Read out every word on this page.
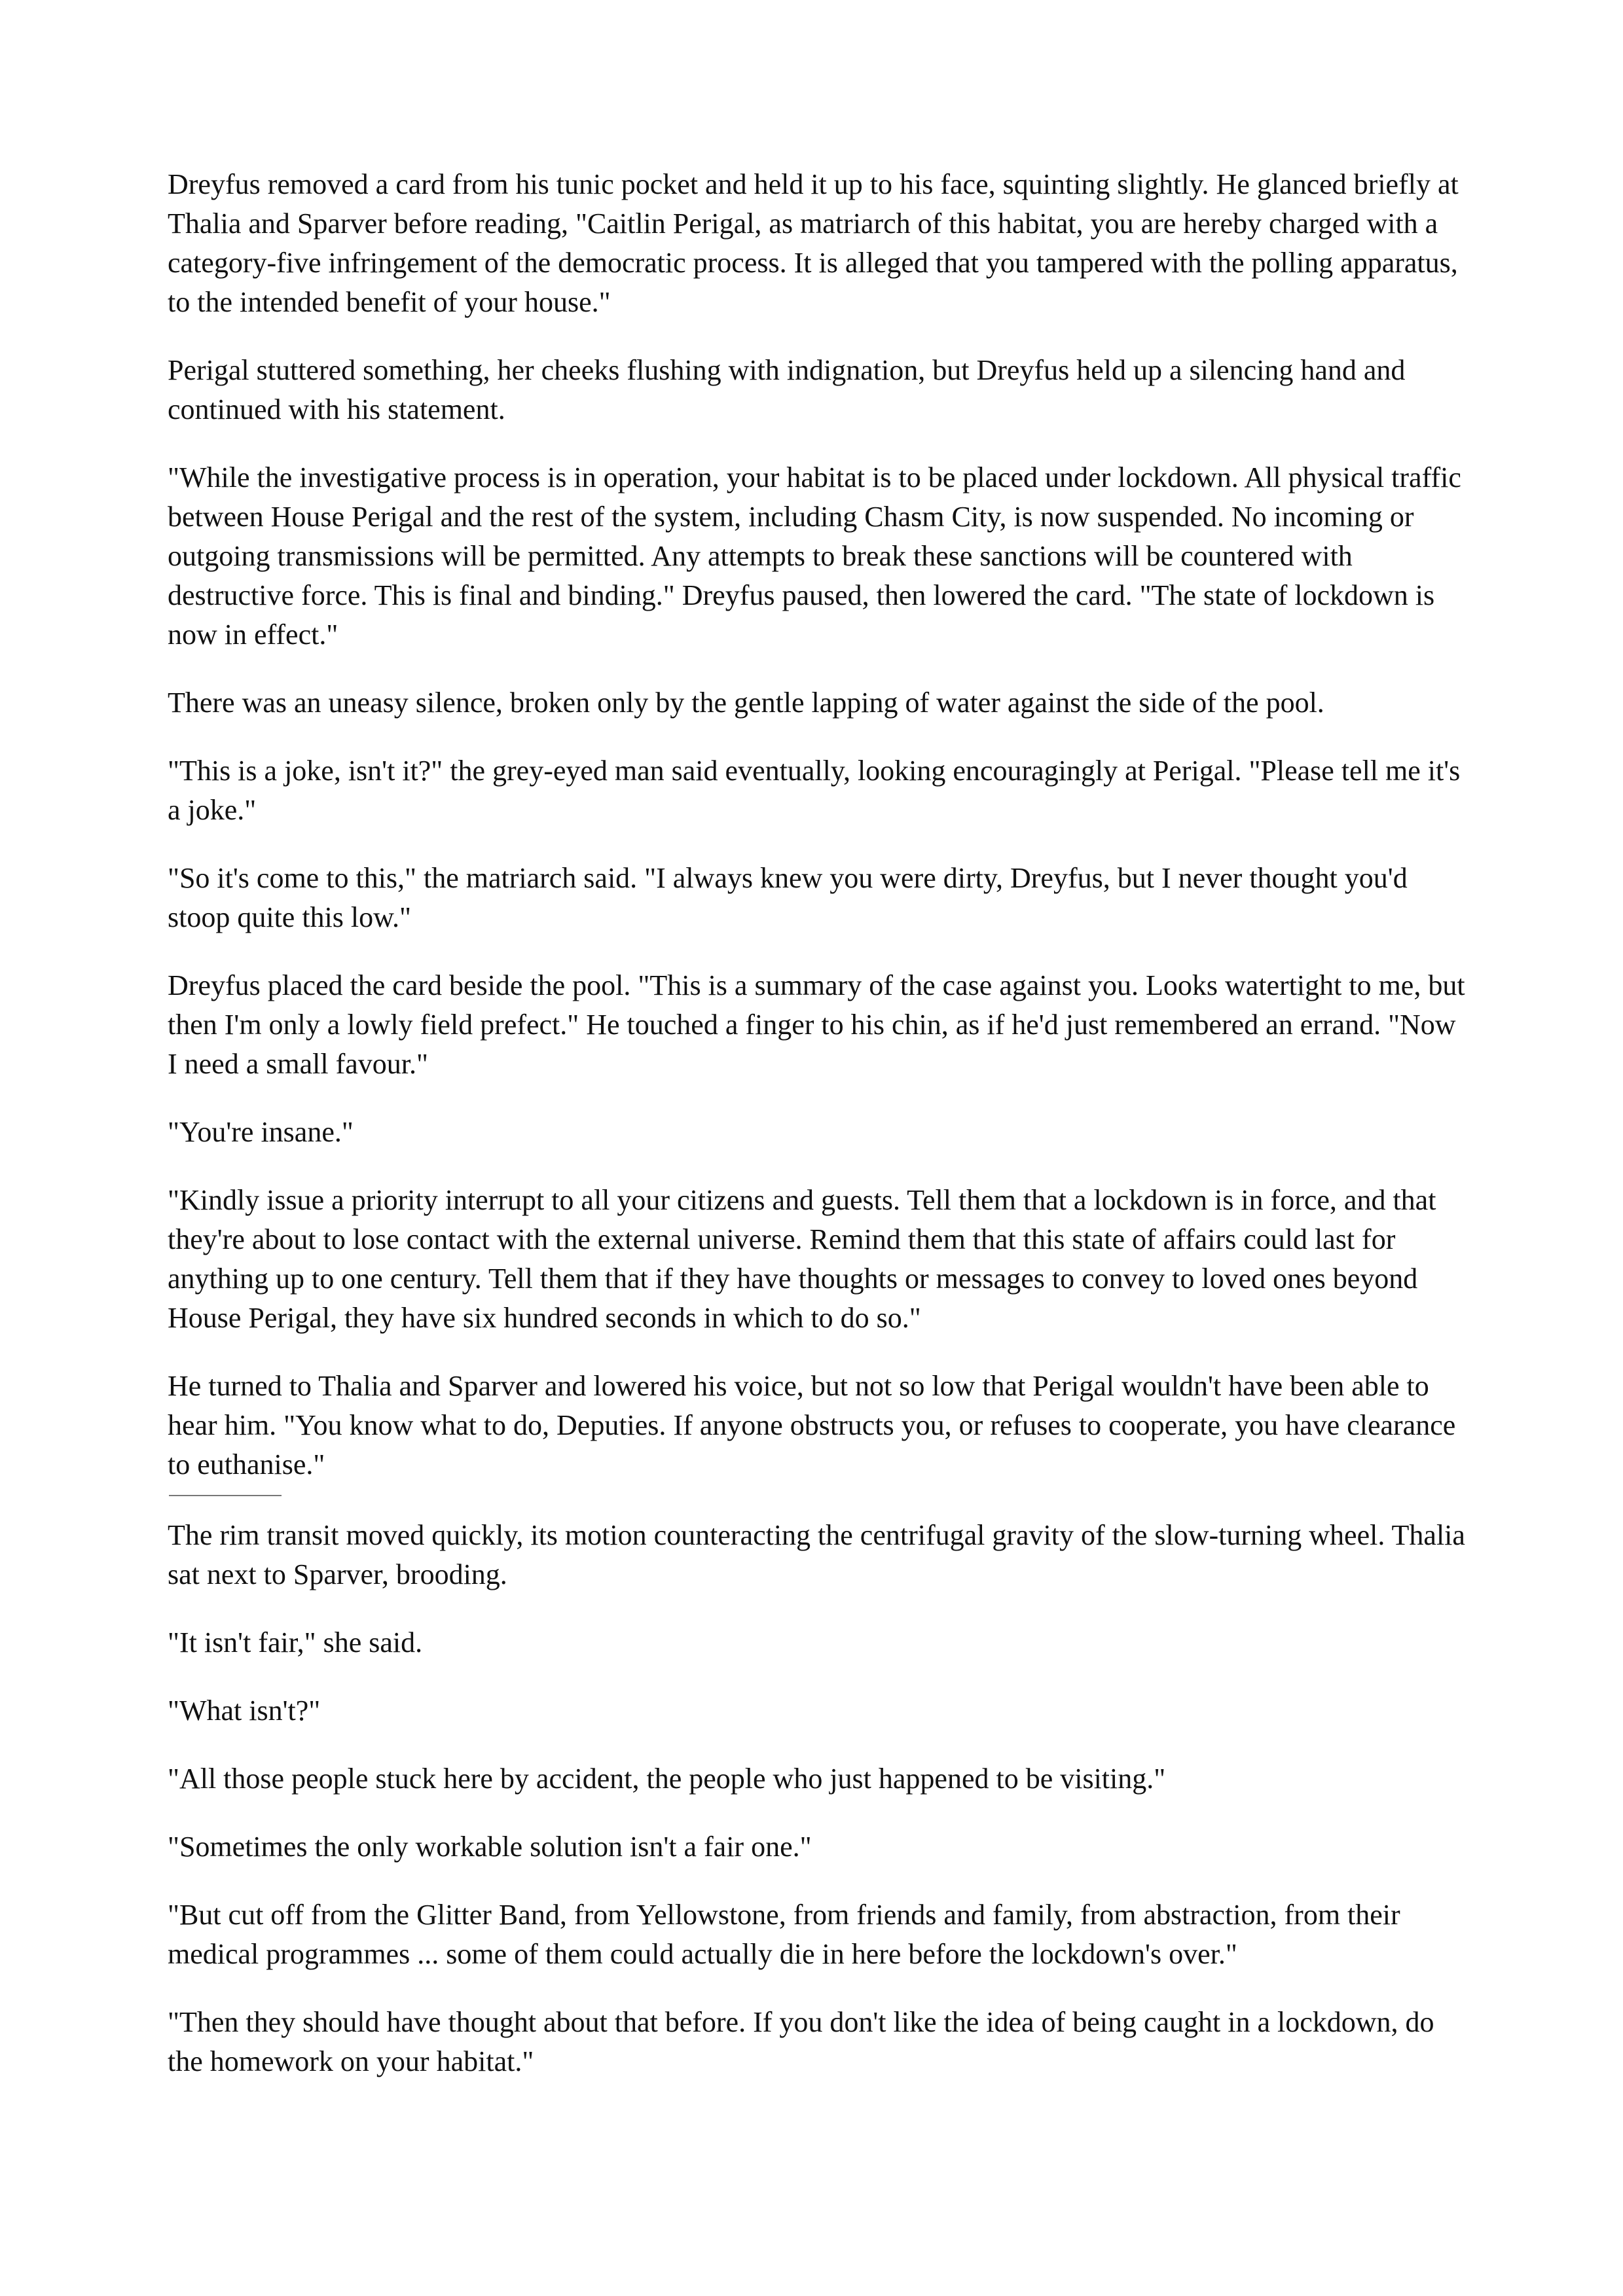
Dreyfus removed a card from his tunic pocket and held it up to his face, squinting slightly. He glanced briefly at Thalia and Sparver before reading, "Caitlin Perigal, as matriarch of this habitat, you are hereby charged with a category-five infringement of the democratic process. It is alleged that you tampered with the polling apparatus, to the intended benefit of your house."

Perigal stuttered something, her cheeks flushing with indignation, but Dreyfus held up a silencing hand and continued with his statement.

"While the investigative process is in operation, your habitat is to be placed under lockdown. All physical traffic between House Perigal and the rest of the system, including Chasm City, is now suspended. No incoming or outgoing transmissions will be permitted. Any attempts to break these sanctions will be countered with destructive force. This is final and binding." Dreyfus paused, then lowered the card. "The state of lockdown is now in effect."

There was an uneasy silence, broken only by the gentle lapping of water against the side of the pool.

"This is a joke, isn't it?" the grey-eyed man said eventually, looking encouragingly at Perigal. "Please tell me it's a joke."

"So it's come to this," the matriarch said. "I always knew you were dirty, Dreyfus, but I never thought you'd stoop quite this low."

Dreyfus placed the card beside the pool. "This is a summary of the case against you. Looks watertight to me, but then I'm only a lowly field prefect." He touched a finger to his chin, as if he'd just remembered an errand. "Now I need a small favour."

"You're insane."

"Kindly issue a priority interrupt to all your citizens and guests. Tell them that a lockdown is in force, and that they're about to lose contact with the external universe. Remind them that this state of affairs could last for anything up to one century. Tell them that if they have thoughts or messages to convey to loved ones beyond House Perigal, they have six hundred seconds in which to do so."

He turned to Thalia and Sparver and lowered his voice, but not so low that Perigal wouldn't have been able to hear him. "You know what to do, Deputies. If anyone obstructs you, or refuses to cooperate, you have clearance to euthanise."

The rim transit moved quickly, its motion counteracting the centrifugal gravity of the slow-turning wheel. Thalia sat next to Sparver, brooding.

"It isn't fair," she said.

"What isn't?"

"All those people stuck here by accident, the people who just happened to be visiting."

"Sometimes the only workable solution isn't a fair one."

"But cut off from the Glitter Band, from Yellowstone, from friends and family, from abstraction, from their medical programmes ... some of them could actually die in here before the lockdown's over."

"Then they should have thought about that before. If you don't like the idea of being caught in a lockdown, do the homework on your habitat."
